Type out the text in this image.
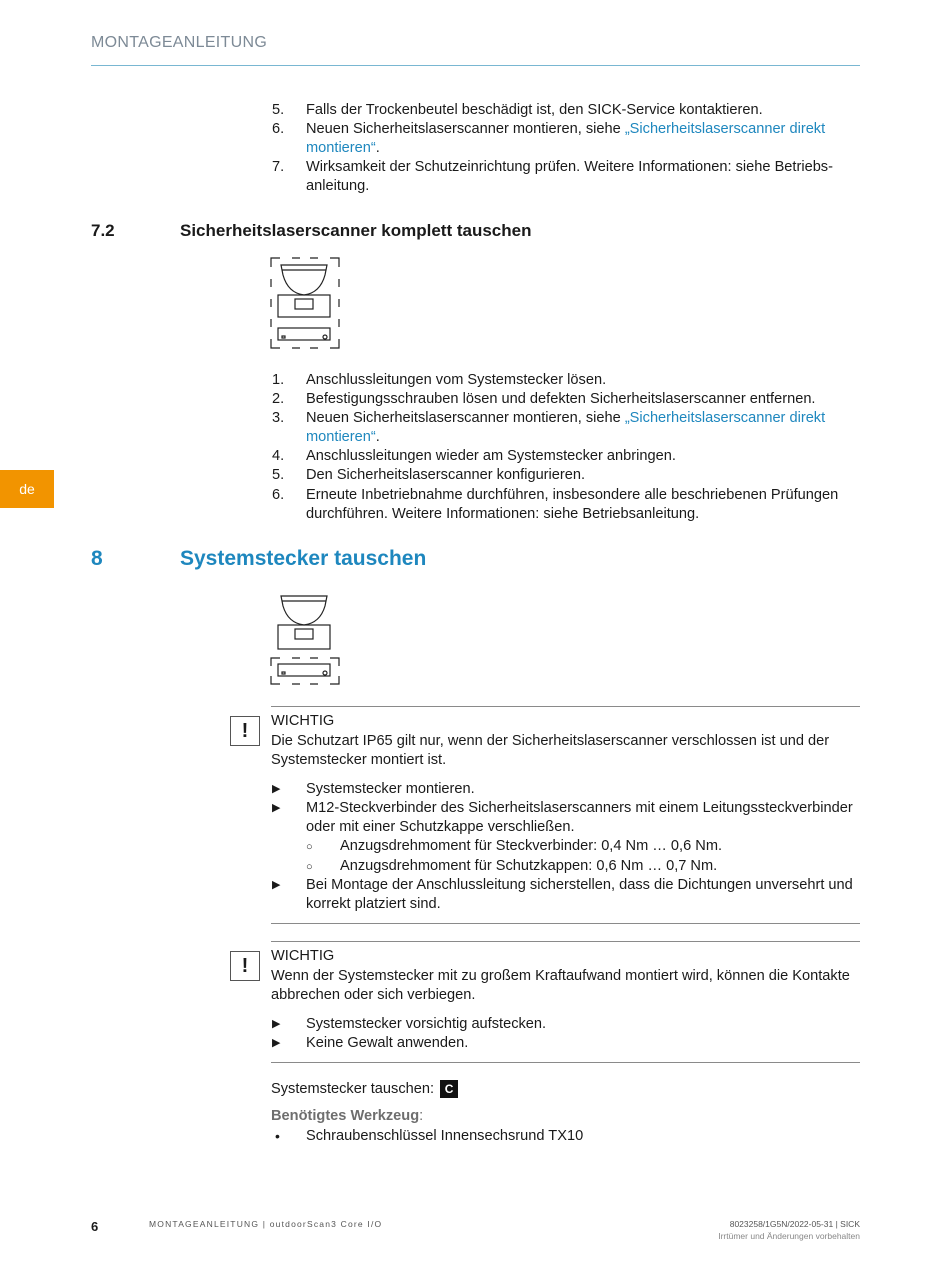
MONTAGEANLEITUNG
5.	Falls der Trockenbeutel beschädigt ist, den SICK-Service kontaktieren.
6.	Neuen Sicherheitslaserscanner montieren, siehe „Sicherheitslaserscanner direkt montieren“.
7.	Wirksamkeit der Schutzeinrichtung prüfen. Weitere Informationen: siehe Betriebsanleitung.
7.2	Sicherheitslaserscanner komplett tauschen
1.	Anschlussleitungen vom Systemstecker lösen.
2.	Befestigungsschrauben lösen und defekten Sicherheitslaserscanner entfernen.
3.	Neuen Sicherheitslaserscanner montieren, siehe „Sicherheitslaserscanner direkt montieren“.
4.	Anschlussleitungen wieder am Systemstecker anbringen.
5.	Den Sicherheitslaserscanner konfigurieren.
6.	Erneute Inbetriebnahme durchführen, insbesondere alle beschriebenen Prüfungen durchführen. Weitere Informationen: siehe Betriebsanleitung.
de
8	Systemstecker tauschen
!	WICHTIG
Die Schutzart IP65 gilt nur, wenn der Sicherheitslaserscanner verschlossen ist und der Systemstecker montiert ist.
▶ Systemstecker montieren.
▶ M12-Steckverbinder des Sicherheitslaserscanners mit einem Leitungssteckverbinder oder mit einer Schutzkappe verschließen.
○ Anzugsdrehmoment für Steckverbinder: 0,4 Nm … 0,6 Nm.
○ Anzugsdrehmoment für Schutzkappen: 0,6 Nm … 0,7 Nm.
▶ Bei Montage der Anschlussleitung sicherstellen, dass die Dichtungen unversehrt und korrekt platziert sind.
!	WICHTIG
Wenn der Systemstecker mit zu großem Kraftaufwand montiert wird, können die Kontakte abbrechen oder sich verbiegen.
▶ Systemstecker vorsichtig aufstecken.
▶ Keine Gewalt anwenden.
Systemstecker tauschen: C
Benötigtes Werkzeug:
• Schraubenschlüssel Innensechsrund TX10
6	MONTAGEANLEITUNG | outdoorScan3 Core I/O	8023258/1G5N/2022-05-31 | SICK
Irrtümer und Änderungen vorbehalten
